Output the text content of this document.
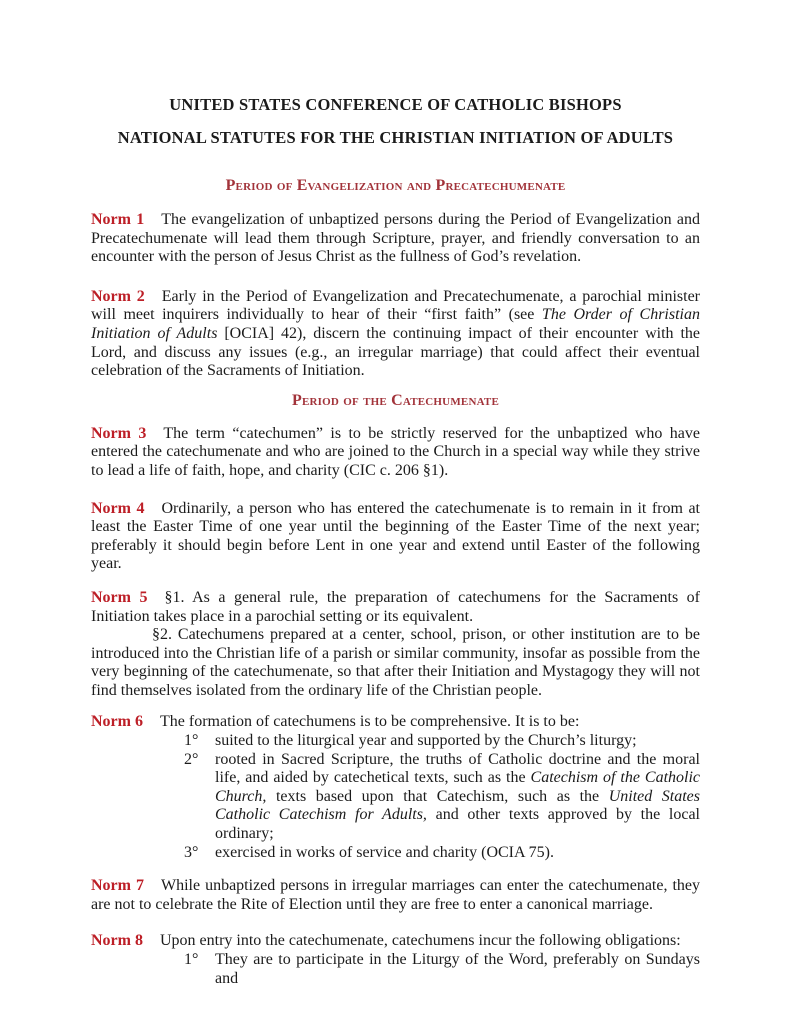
UNITED STATES CONFERENCE OF CATHOLIC BISHOPS
NATIONAL STATUTES FOR THE CHRISTIAN INITIATION OF ADULTS
Period of Evangelization and Precatechumenate

Norm 1 The evangelization of unbaptized persons during the Period of Evangelization and Precatechumenate will lead them through Scripture, prayer, and friendly conversation to an encounter with the person of Jesus Christ as the fullness of God’s revelation.

Norm 2 Early in the Period of Evangelization and Precatechumenate, a parochial minister will meet inquirers individually to hear of their “first faith” (see The Order of Christian Initiation of Adults [OCIA] 42), discern the continuing impact of their encounter with the Lord, and discuss any issues (e.g., an irregular marriage) that could affect their eventual celebration of the Sacraments of Initiation.

Period of the Catechumenate

Norm 3 The term “catechumen” is to be strictly reserved for the unbaptized who have entered the catechumenate and who are joined to the Church in a special way while they strive to lead a life of faith, hope, and charity (CIC c. 206 §1).

Norm 4 Ordinarily, a person who has entered the catechumenate is to remain in it from at least the Easter Time of one year until the beginning of the Easter Time of the next year; preferably it should begin before Lent in one year and extend until Easter of the following year.

Norm 5 §1. As a general rule, the preparation of catechumens for the Sacraments of Initiation takes place in a parochial setting or its equivalent.

§2. Catechumens prepared at a center, school, prison, or other institution are to be introduced into the Christian life of a parish or similar community, insofar as possible from the very beginning of the catechumenate, so that after their Initiation and Mystagogy they will not find themselves isolated from the ordinary life of the Christian people.

Norm 6 The formation of catechumens is to be comprehensive. It is to be:

1° suited to the liturgical year and supported by the Church’s liturgy;
2° rooted in Sacred Scripture, the truths of Catholic doctrine and the moral life, and aided by catechetical texts, such as the Catechism of the Catholic Church, texts based upon that Catechism, such as the United States Catholic Catechism for Adults, and other texts approved by the local ordinary;
3° exercised in works of service and charity (OCIA 75).

Norm 7 While unbaptized persons in irregular marriages can enter the catechumenate, they are not to celebrate the Rite of Election until they are free to enter a canonical marriage.

Norm 8 Upon entry into the catechumenate, catechumens incur the following obligations:

1° They are to participate in the Liturgy of the Word, preferably on Sundays and
